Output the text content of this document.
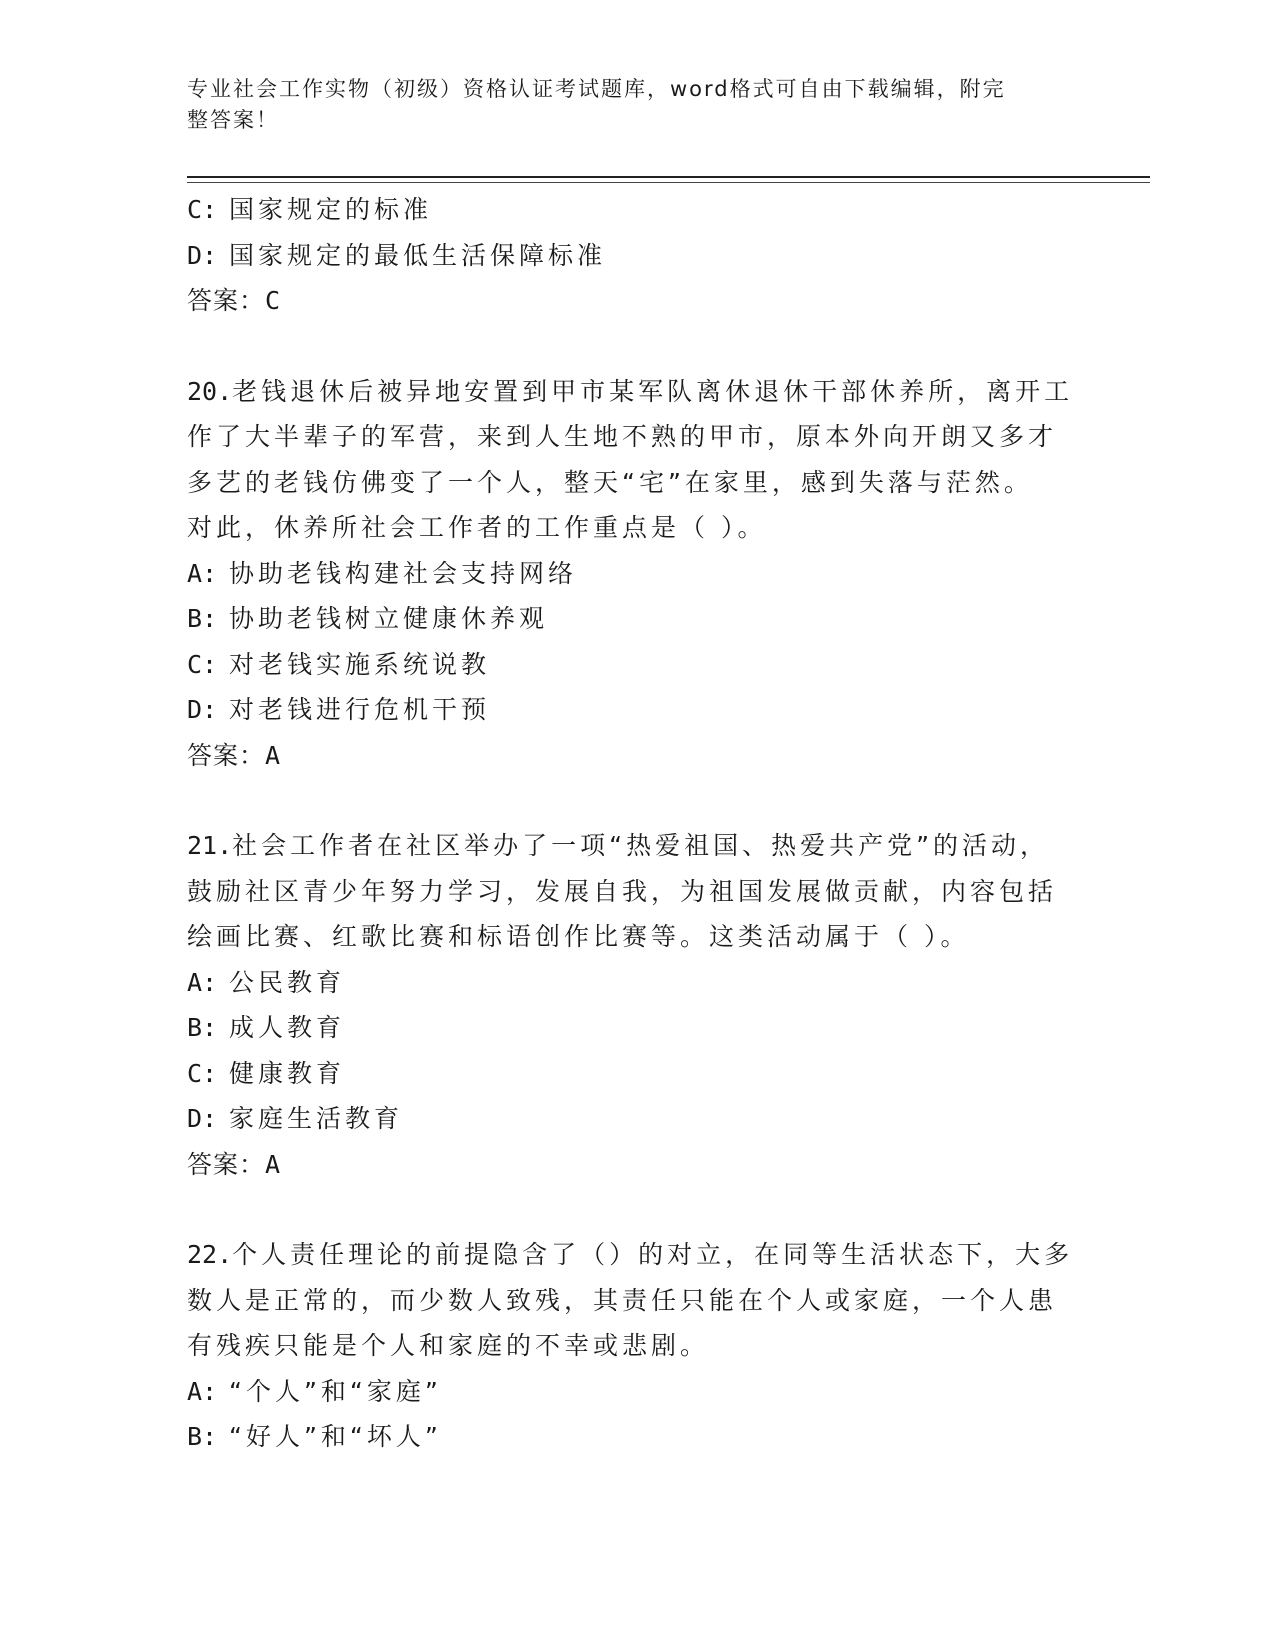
专业社会工作实物（初级）资格认证考试题库，word格式可自由下载编辑，附完
整答案！
C: 国家规定的标准
D: 国家规定的最低生活保障标准
答案：C
20.老钱退休后被异地安置到甲市某军队离休退休干部休养所，离开工
作了大半辈子的军营，来到人生地不熟的甲市，原本外向开朗又多才
多艺的老钱仿佛变了一个人，整天“宅”在家里，感到失落与茫然。
对此，休养所社会工作者的工作重点是（ ）。
A: 协助老钱构建社会支持网络
B: 协助老钱树立健康休养观
C: 对老钱实施系统说教
D: 对老钱进行危机干预
答案：A
21.社会工作者在社区举办了一项“热爱祖国、热爱共产党”的活动，
鼓励社区青少年努力学习，发展自我，为祖国发展做贡献，内容包括
绘画比赛、红歌比赛和标语创作比赛等。这类活动属于（ ）。
A: 公民教育
B: 成人教育
C: 健康教育
D: 家庭生活教育
答案：A
22.个人责任理论的前提隐含了（）的对立，在同等生活状态下，大多
数人是正常的，而少数人致残，其责任只能在个人或家庭，一个人患
有残疾只能是个人和家庭的不幸或悲剧。
A: “个人”和“家庭”
B: “好人”和“坏人”
